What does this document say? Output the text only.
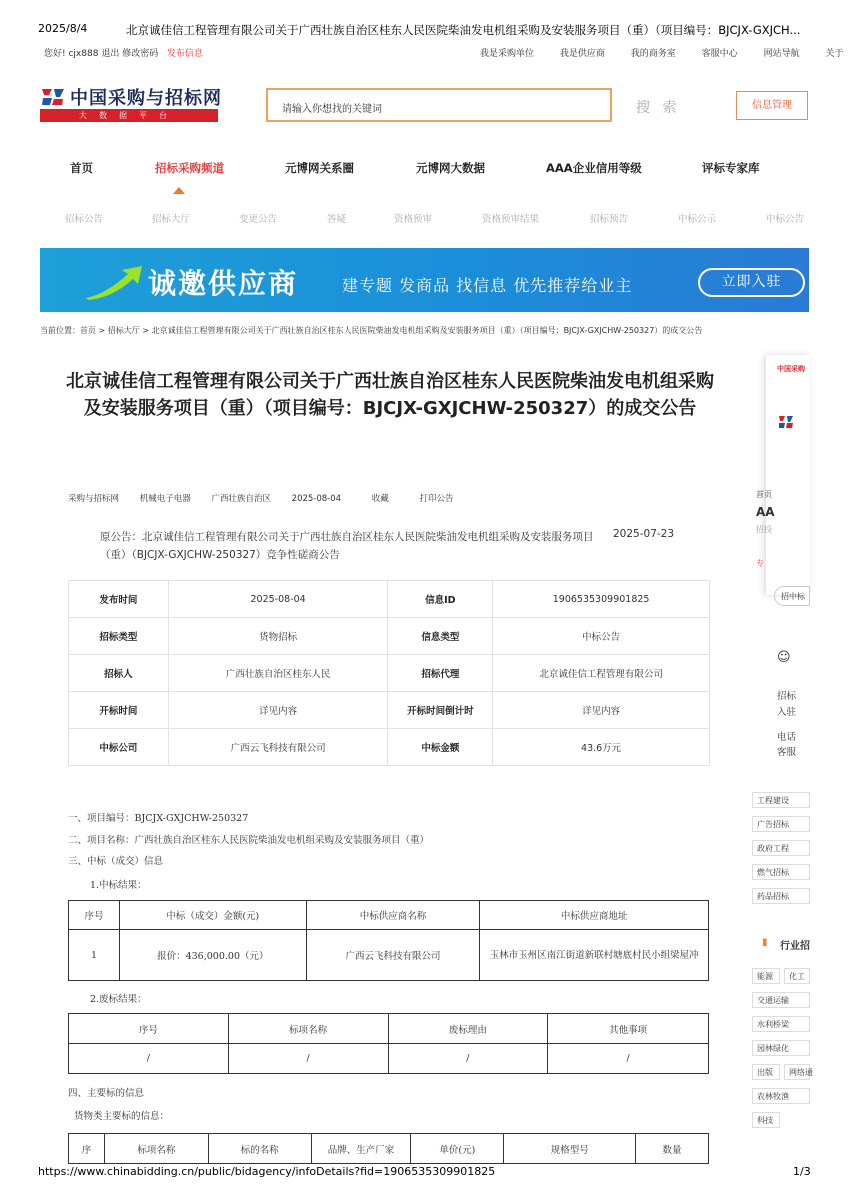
2025/8/4	北京诚佳信工程管理有限公司关于广西壮族自治区桂东人民医院柴油发电机组采购及安装服务项目（重）（项目编号：BJCJX-GXJCH...
您好! cjx888 退出 修改密码 发布信息	我是采购单位	我是供应商	我的商务室	客服中心	网站导航	关于
中国采购与招标网
大数据平台
请输入你想找的关键词	搜 索	信息管理
首页	招标采购频道	元博网关系圈	元博网大数据	AAA企业信用等级	评标专家库
招标公告	招标大厅	变更公告	答疑	资格预审	资格预审结果	招标预告	中标公示	中标公告
诚邀供应商	建专题 发商品 找信息 优先推荐给业主	立即入驻
当前位置：首页 > 招标大厅 > 北京诚佳信工程管理有限公司关于广西壮族自治区桂东人民医院柴油发电机组采购及安装服务项目（重）（项目编号：BJCJX-GXJCHW-250327）的成交公告
北京诚佳信工程管理有限公司关于广西壮族自治区桂东人民医院柴油发电机组采购及安装服务项目（重）（项目编号：BJCJX-GXJCHW-250327）的成交公告
采购与招标网 机械电子电器 广西壮族自治区 2025-08-04	收藏	打印公告
原公告：北京诚佳信工程管理有限公司关于广西壮族自治区桂东人民医院柴油发电机组采购及安装服务项目（重）（BJCJX-GXJCHW-250327）竞争性磋商公告
2025-07-23
发布时间	2025-08-04	信息ID	1906535309901825
招标类型	货物招标	信息类型	中标公告
招标人	广西壮族自治区桂东人民	招标代理	北京诚佳信工程管理有限公司
开标时间	详见内容	开标时间倒计时	详见内容
中标公司	广西云飞科技有限公司	中标金额	43.6万元
一、项目编号：BJCJX-GXJCHW-250327
二、项目名称：广西壮族自治区桂东人民医院柴油发电机组采购及安装服务项目（重）
三、中标（成交）信息
1.中标结果：
序号	中标（成交）金额(元)	中标供应商名称	中标供应商地址
1	报价：436,000.00（元）	广西云飞科技有限公司	玉林市玉州区南江街道新联村塘底村民小组梁屋冲
2.废标结果：
序号	标项名称	废标理由	其他事项
/	/	/	/
四、主要标的信息
货物类主要标的信息：
序	标项名称	标的名称	品牌、生产厂家	单价(元)	规格型号	数量
中国采购
首页
AA
招投
专
招中标
☺
招标
入驻
电话
客服
工程建设
广告招标
政府工程
燃气招标
药品招标
▮ 行业招
能源	化工
交通运输
水利桥梁
园林绿化
出版	网络通
农林牧渔
科技
https://www.chinabidding.cn/public/bidagency/infoDetails?fid=1906535309901825	1/3
